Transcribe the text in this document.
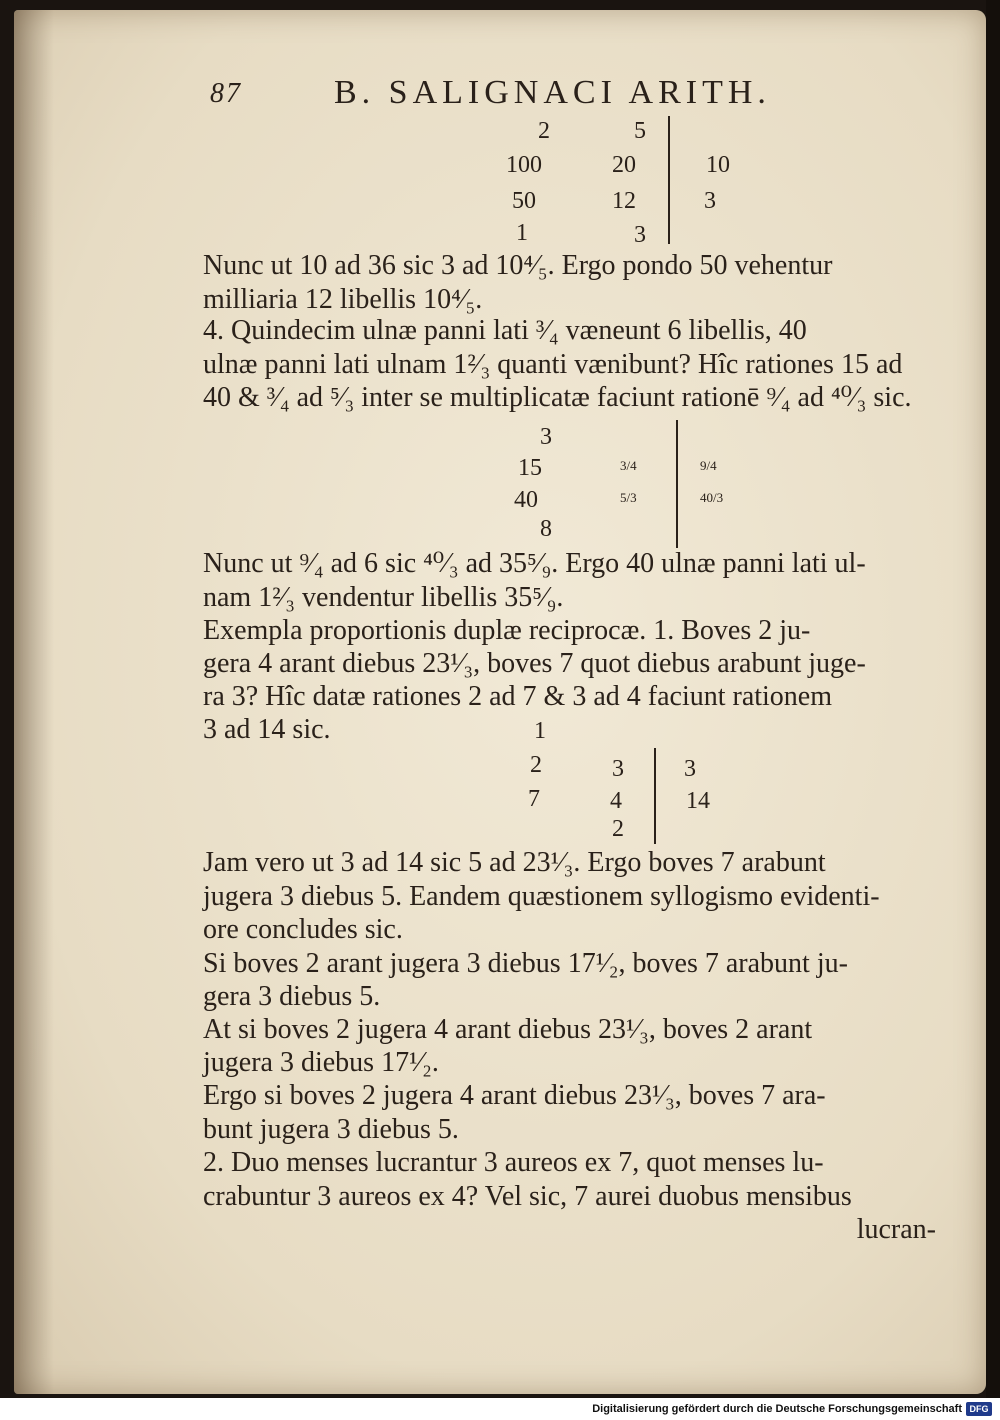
87	B. SALIGNACI ARITH.
2
100
50
1
5
20
12
3
10
3
Nunc ut 10 ad 36 sic 3 ad 10⁴⁄₅. Ergo pondo 50 vehentur
milliaria 12 libellis 10⁴⁄₅.
4. Quindecim ulnæ panni lati ³⁄₄ væneunt 6 libellis, 40
ulnæ panni lati ulnam 1²⁄₃ quanti vænibunt? Hîc rationes 15 ad
40 & ³⁄₄ ad ⁵⁄₃ inter se multiplicatæ faciunt rationē ⁹⁄₄ ad ⁴⁰⁄₃ sic.
3
15
40
8
3/4
5/3
9/4
40/3
Nunc ut ⁹⁄₄ ad 6 sic ⁴⁰⁄₃ ad 35⁵⁄₉. Ergo 40 ulnæ panni lati ul-
nam 1²⁄₃ vendentur libellis 35⁵⁄₉.
Exempla proportionis duplæ reciprocæ. 1. Boves 2 ju-
gera 4 arant diebus 23¹⁄₃, boves 7 quot diebus arabunt juge-
ra 3? Hîc datæ rationes 2 ad 7 & 3 ad 4 faciunt rationem
3 ad 14 sic.	1
2
7
3
4
2
3
14
Jam vero ut 3 ad 14 sic 5 ad 23¹⁄₃. Ergo boves 7 arabunt
jugera 3 diebus 5. Eandem quæstionem syllogismo evidenti-
ore concludes sic.
Si boves 2 arant jugera 3 diebus 17¹⁄₂, boves 7 arabunt ju-
gera 3 diebus 5.
At si boves 2 jugera 4 arant diebus 23¹⁄₃, boves 2 arant
jugera 3 diebus 17¹⁄₂.
Ergo si boves 2 jugera 4 arant diebus 23¹⁄₃, boves 7 ara-
bunt jugera 3 diebus 5.
2. Duo menses lucrantur 3 aureos ex 7, quot menses lu-
crabuntur 3 aureos ex 4? Vel sic, 7 aurei duobus mensibus
lucran-
Digitalisierung gefördert durch die Deutsche Forschungsgemeinschaft DFG
